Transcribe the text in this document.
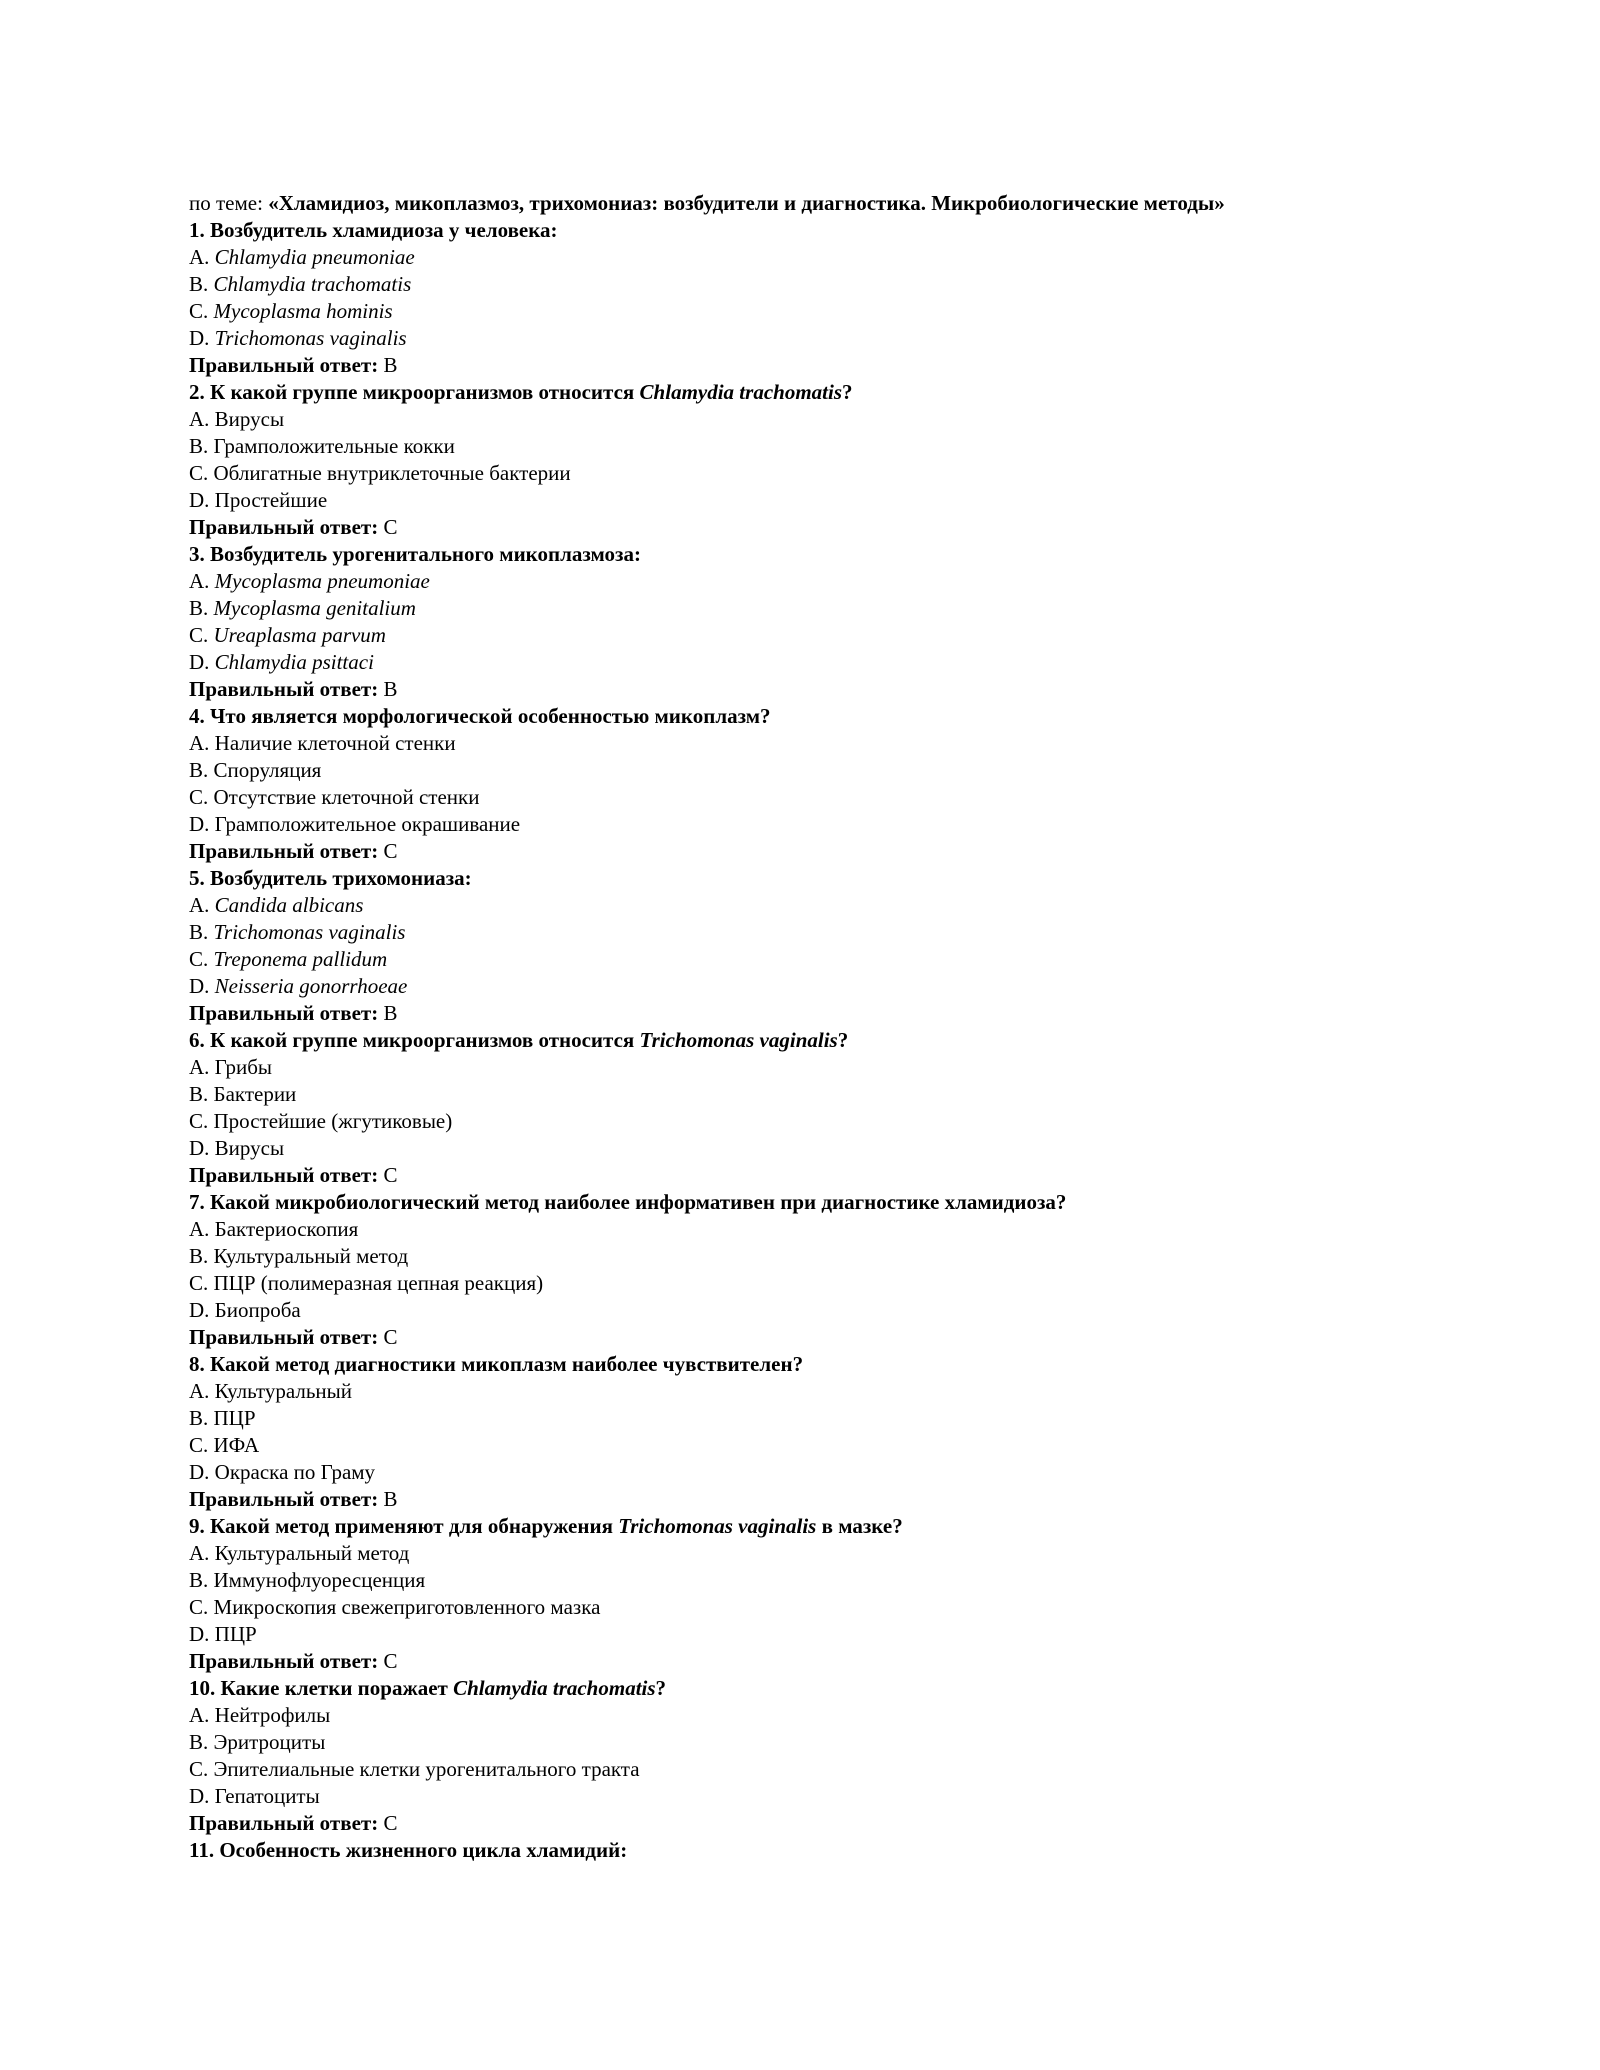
по теме: «Хламидиоз, микоплазмоз, трихомониаз: возбудители и диагностика. Микробиологические методы»
1. Возбудитель хламидиоза у человека:
A. Chlamydia pneumoniae
B. Chlamydia trachomatis
C. Mycoplasma hominis
D. Trichomonas vaginalis
Правильный ответ: B
2. К какой группе микроорганизмов относится Chlamydia trachomatis?
A. Вирусы
B. Грамположительные кокки
C. Облигатные внутриклеточные бактерии
D. Простейшие
Правильный ответ: C
3. Возбудитель урогенитального микоплазмоза:
A. Mycoplasma pneumoniae
B. Mycoplasma genitalium
C. Ureaplasma parvum
D. Chlamydia psittaci
Правильный ответ: B
4. Что является морфологической особенностью микоплазм?
A. Наличие клеточной стенки
B. Споруляция
C. Отсутствие клеточной стенки
D. Грамположительное окрашивание
Правильный ответ: C
5. Возбудитель трихомониаза:
A. Candida albicans
B. Trichomonas vaginalis
C. Treponema pallidum
D. Neisseria gonorrhoeae
Правильный ответ: B
6. К какой группе микроорганизмов относится Trichomonas vaginalis?
A. Грибы
B. Бактерии
C. Простейшие (жгутиковые)
D. Вирусы
Правильный ответ: C
7. Какой микробиологический метод наиболее информативен при диагностике хламидиоза?
A. Бактериоскопия
B. Культуральный метод
C. ПЦР (полимеразная цепная реакция)
D. Биопроба
Правильный ответ: C
8. Какой метод диагностики микоплазм наиболее чувствителен?
A. Культуральный
B. ПЦР
C. ИФА
D. Окраска по Граму
Правильный ответ: B
9. Какой метод применяют для обнаружения Trichomonas vaginalis в мазке?
A. Культуральный метод
B. Иммунофлуоресценция
C. Микроскопия свежеприготовленного мазка
D. ПЦР
Правильный ответ: C
10. Какие клетки поражает Chlamydia trachomatis?
A. Нейтрофилы
B. Эритроциты
C. Эпителиальные клетки урогенитального тракта
D. Гепатоциты
Правильный ответ: C
11. Особенность жизненного цикла хламидий:
